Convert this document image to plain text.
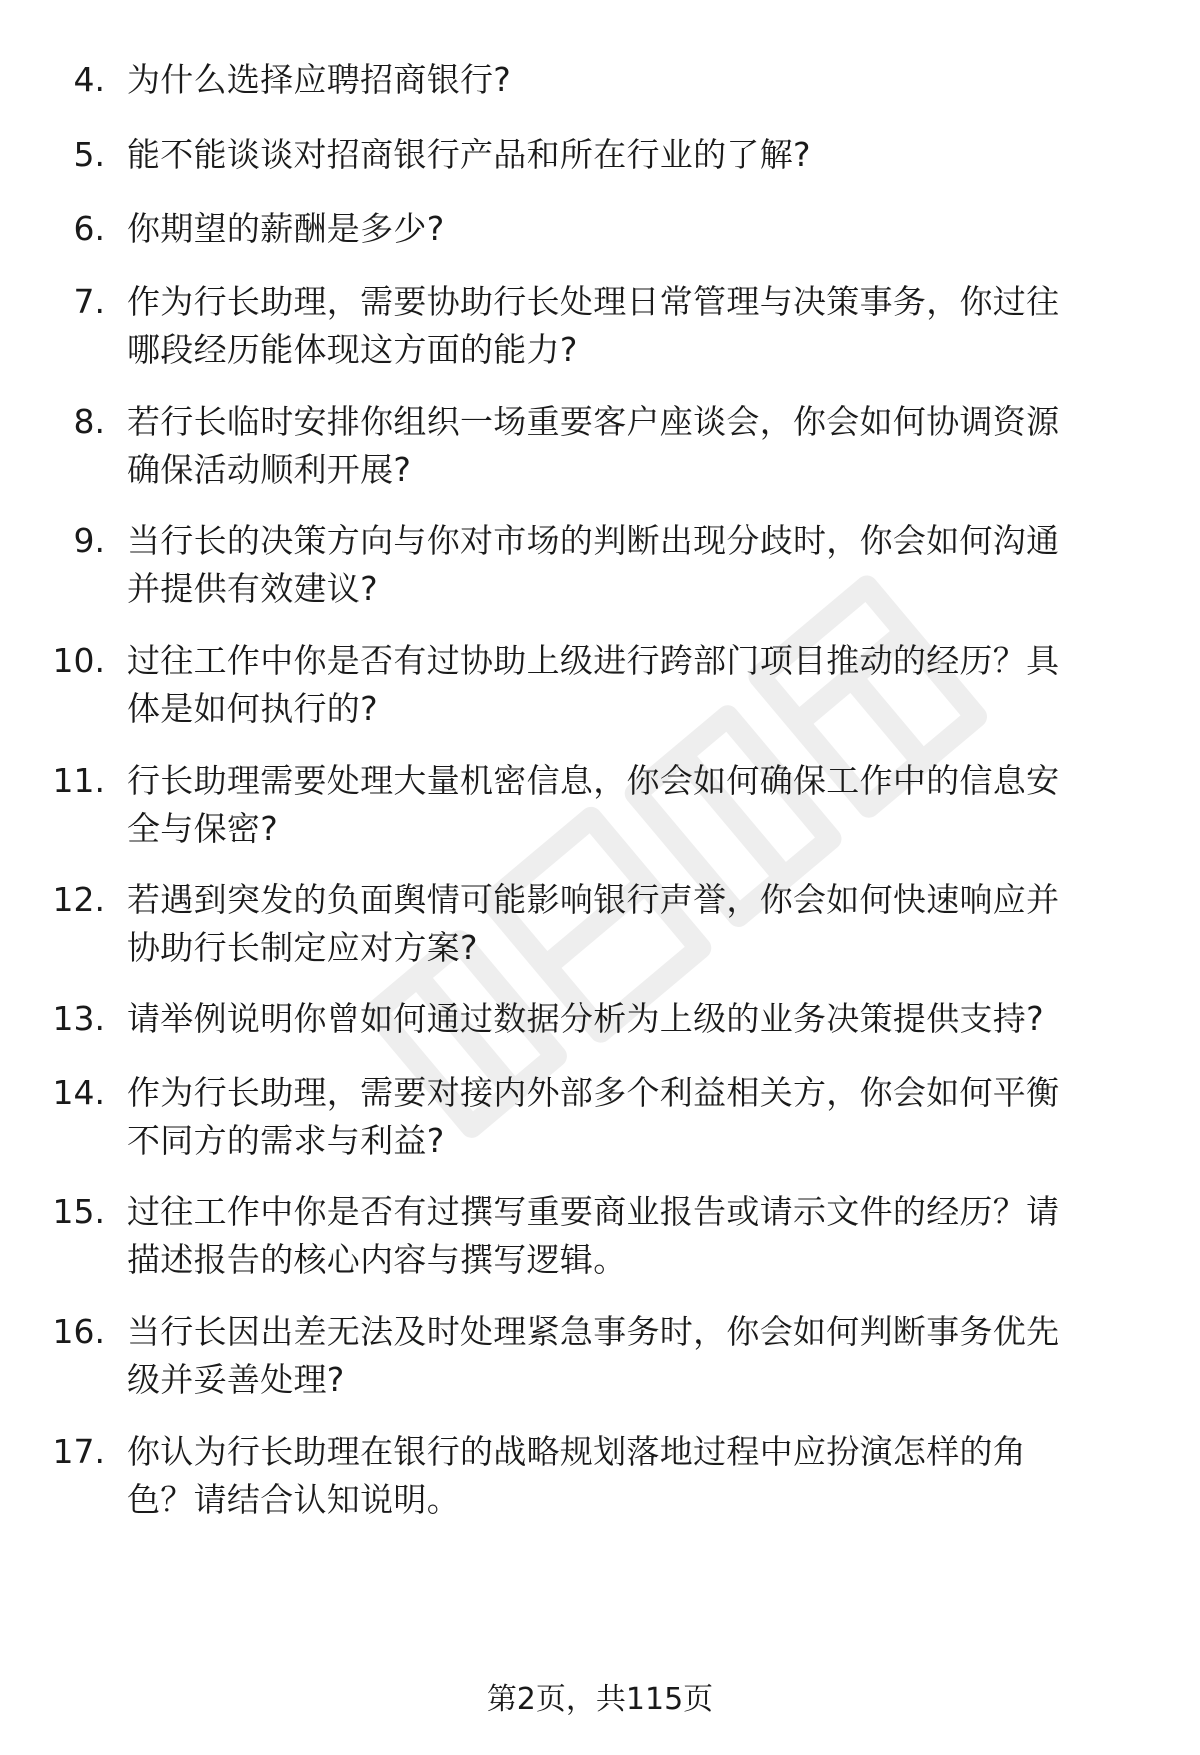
4. 为什么选择应聘招商银行?
5. 能不能谈谈对招商银行产品和所在行业的了解?
6. 你期望的薪酬是多少?
7. 作为行长助理，需要协助行长处理日常管理与决策事务，你过往
哪段经历能体现这方面的能力?
8. 若行长临时安排你组织一场重要客户座谈会，你会如何协调资源
确保活动顺利开展?
9. 当行长的决策方向与你对市场的判断出现分歧时，你会如何沟通
并提供有效建议?
10. 过往工作中你是否有过协助上级进行跨部门项目推动的经历？具
体是如何执行的?
11. 行长助理需要处理大量机密信息，你会如何确保工作中的信息安
全与保密?
12. 若遇到突发的负面舆情可能影响银行声誉，你会如何快速响应并
协助行长制定应对方案?
13. 请举例说明你曾如何通过数据分析为上级的业务决策提供支持?
14. 作为行长助理，需要对接内外部多个利益相关方，你会如何平衡
不同方的需求与利益?
15. 过往工作中你是否有过撰写重要商业报告或请示文件的经历？请
描述报告的核心内容与撰写逻辑。
16. 当行长因出差无法及时处理紧急事务时，你会如何判断事务优先
级并妥善处理?
17. 你认为行长助理在银行的战略规划落地过程中应扮演怎样的角
色？请结合认知说明。
第2页，共115页
